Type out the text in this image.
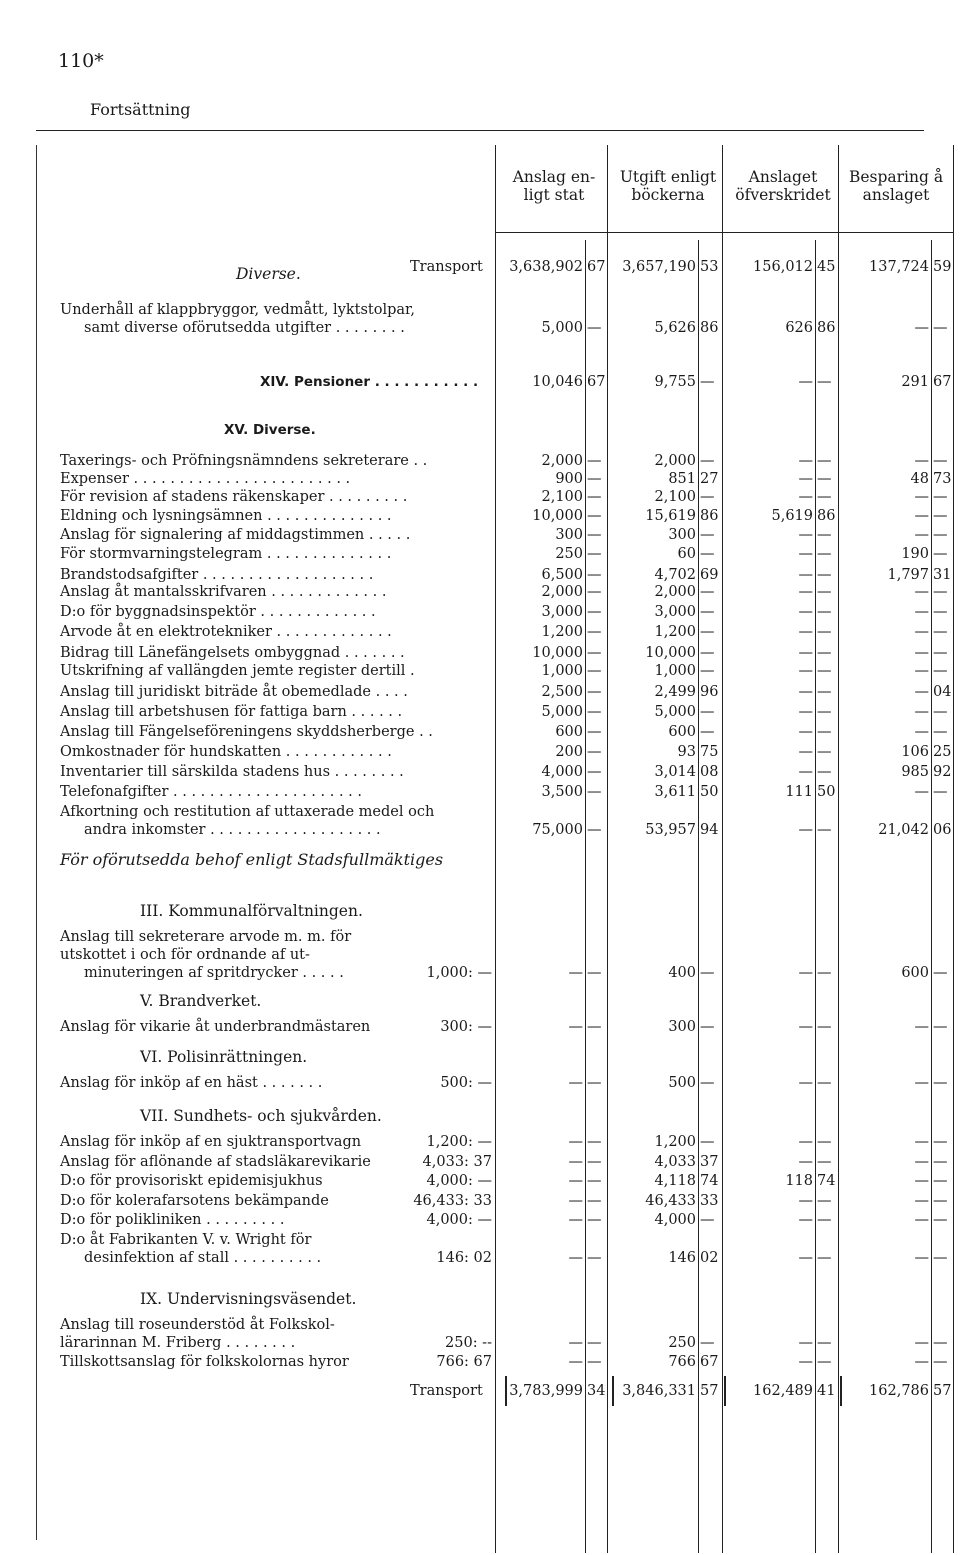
110*
Fortsättning
Anslag en-
ligt stat
Utgift enligt
böckerna
Anslaget
öfverskridet
Besparing å
anslaget
Diverse.
XV. Diverse.
För oförutsedda behof enligt Stadsfullmäktiges
Transport	3,638,902 67	3,657,190 53	156,012 45	137,724 59
Underhåll af klappbryggor, vedmått, lyktstolpar,
samt diverse oförutsedda utgifter . . . . . . . .	5,000 —	5,626 86	626 86	— —
XIV. Pensioner . . . . . . . . . . .	10,046 67	9,755 —	— —	291 67
Taxerings- och Pröfningsnämndens sekreterare . .	2,000 —	2,000 —	— —	— —
Expenser . . . . . . . . . . . . . . . . . . . . . . . .	900 —	851 27	— —	48 73
För revision af stadens räkenskaper . . . . . . . . .	2,100 —	2,100 —	— —	— —
Eldning och lysningsämnen . . . . . . . . . . . . . .	10,000 —	15,619 86	5,619 86	— —
Anslag för signalering af middagstimmen . . . . .	300 —	300 —	— —	— —
För stormvarningstelegram . . . . . . . . . . . . . .	250 —	60 —	— —	190 —
Brandstodsafgifter . . . . . . . . . . . . . . . . . . .	6,500 —	4,702 69	— —	1,797 31
Anslag åt mantalsskrifvaren . . . . . . . . . . . . .	2,000 —	2,000 —	— —	— —
D:o för byggnadsinspektör . . . . . . . . . . . . .	3,000 —	3,000 —	— —	— —
Arvode åt en elektrotekniker . . . . . . . . . . . . .	1,200 —	1,200 —	— —	— —
Bidrag till Länefängelsets ombyggnad . . . . . . .	10,000 —	10,000 —	— —	— —
Utskrifning af vallängden jemte register dertill .	1,000 —	1,000 —	— —	— —
Anslag till juridiskt biträde åt obemedlade . . . .	2,500 —	2,499 96	— —	— 04
Anslag till arbetshusen för fattiga barn . . . . . .	5,000 —	5,000 —	— —	— —
Anslag till Fängelseföreningens skyddsherberge . .	600 —	600 —	— —	— —
Omkostnader för hundskatten . . . . . . . . . . . .	200 —	93 75	— —	106 25
Inventarier till särskilda stadens hus . . . . . . . .	4,000 —	3,014 08	— —	985 92
Telefonafgifter . . . . . . . . . . . . . . . . . . . . .	3,500 —	3,611 50	111 50	— —
Afkortning och restitution af uttaxerade medel och
andra inkomster . . . . . . . . . . . . . . . . . . .	75,000 —	53,957 94	— —	21,042 06
III. Kommunalförvaltningen.
Anslag till sekreterare arvode m. m. för
utskottet i och för ordnande af ut-
minuteringen af spritdrycker . . . . .	1,000: —	— —	400 —	— —	600 —
V. Brandverket.
Anslag för vikarie åt underbrandmästaren	300: —	— —	300 —	— —	— —
VI. Polisinrättningen.
Anslag för inköp af en häst . . . . . . .	500: —	— —	500 —	— —	— —
VII. Sundhets- och sjukvården.
Anslag för inköp af en sjuktransportvagn	1,200: —	— —	1,200 —	— —	— —
Anslag för aflönande af stadsläkarevikarie	4,033: 37	— —	4,033 37	— —	— —
D:o för provisoriskt epidemisjukhus	4,000: —	— —	4,118 74	118 74	— —
D:o för kolerafarsotens bekämpande	46,433: 33	— —	46,433 33	— —	— —
D:o för polikliniken . . . . . . . . .	4,000: —	— —	4,000 —	— —	— —
D:o åt Fabrikanten V. v. Wright för
desinfektion af stall . . . . . . . . . .	146: 02	— —	146 02	— —	— —
IX. Undervisningsväsendet.
Anslag till roseunderstöd åt Folkskol-
lärarinnan M. Friberg . . . . . . . .	250: --	— —	250 —	— —	— —
Tillskottsanslag för folkskolornas hyror	766: 67	— —	766 67	— —	— —
Transport	3,783,999 34	3,846,331 57	162,489 41	162,786 57
